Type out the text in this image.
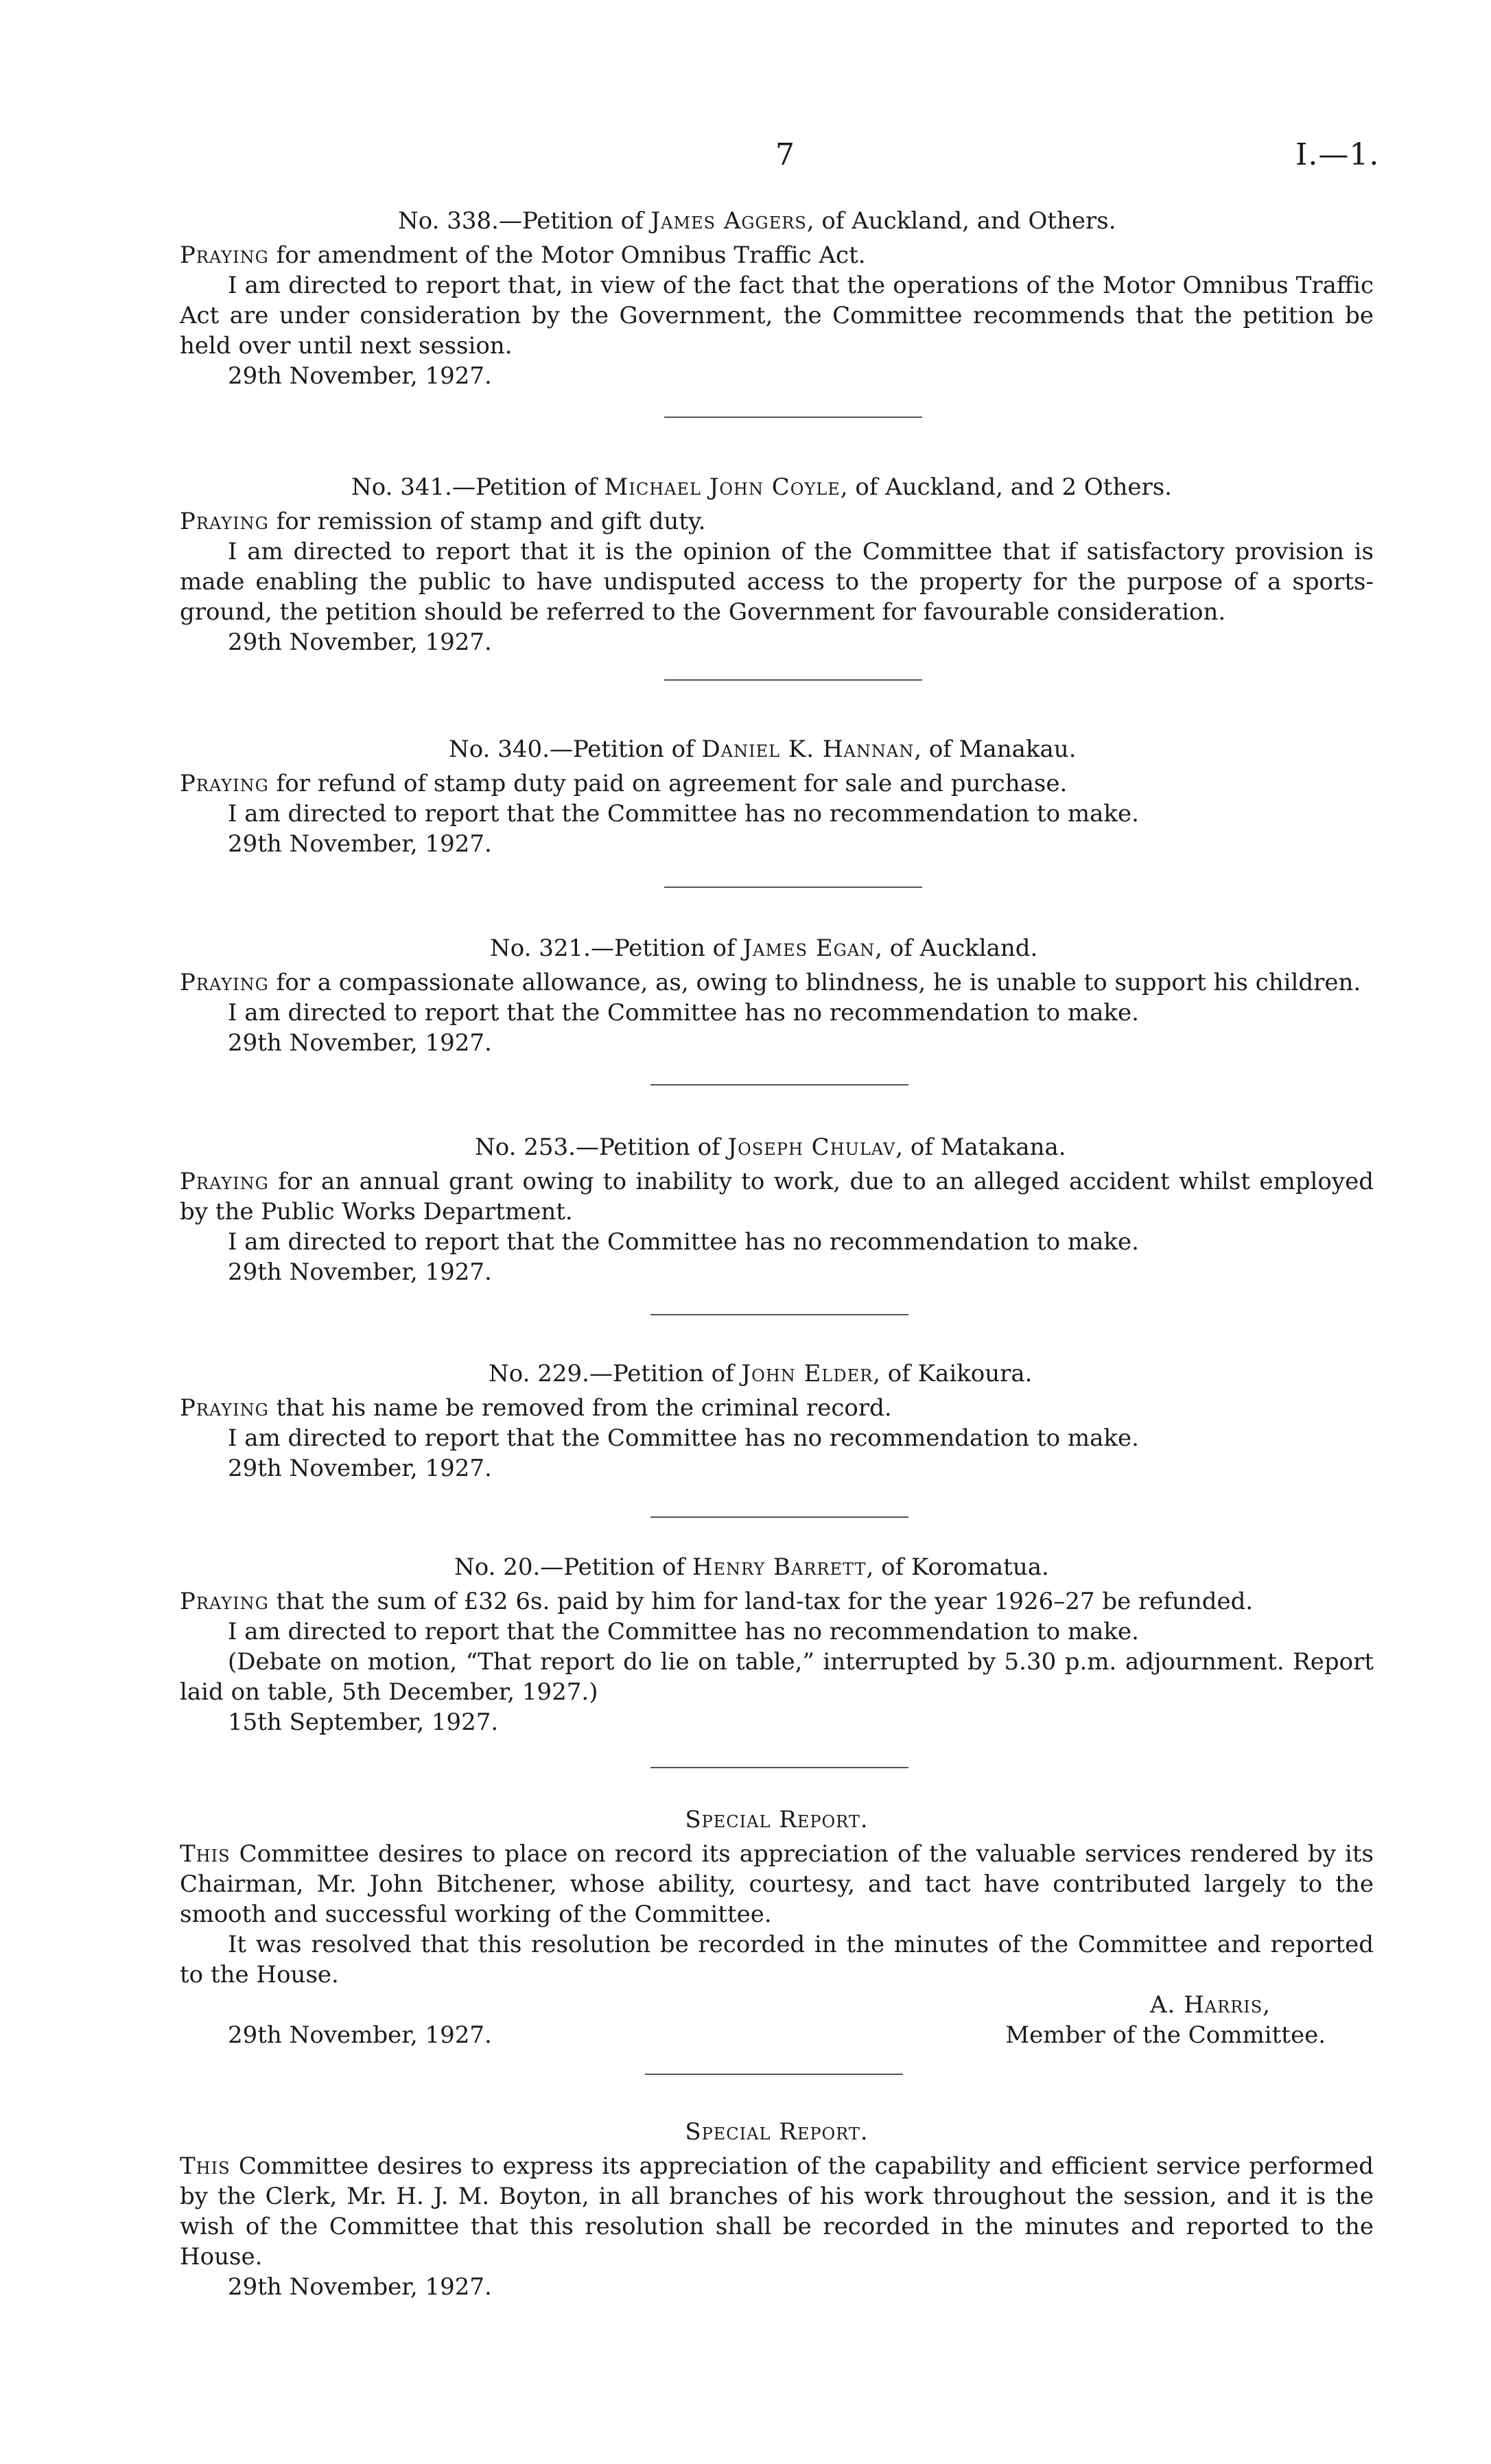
7	I.—1.
No. 338.—Petition of James Aggers, of Auckland, and Others.
Praying for amendment of the Motor Omnibus Traffic Act.
I am directed to report that, in view of the fact that the operations of the Motor Omnibus Traffic Act are under consideration by the Government, the Committee recommends that the petition be held over until next session.
29th November, 1927.
No. 341.—Petition of Michael John Coyle, of Auckland, and 2 Others.
Praying for remission of stamp and gift duty.
I am directed to report that it is the opinion of the Committee that if satisfactory provision is made enabling the public to have undisputed access to the property for the purpose of a sports-ground, the petition should be referred to the Government for favourable consideration.
29th November, 1927.
No. 340.—Petition of Daniel K. Hannan, of Manakau.
Praying for refund of stamp duty paid on agreement for sale and purchase.
I am directed to report that the Committee has no recommendation to make.
29th November, 1927.
No. 321.—Petition of James Egan, of Auckland.
Praying for a compassionate allowance, as, owing to blindness, he is unable to support his children.
I am directed to report that the Committee has no recommendation to make.
29th November, 1927.
No. 253.—Petition of Joseph Chulav, of Matakana.
Praying for an annual grant owing to inability to work, due to an alleged accident whilst employed by the Public Works Department.
I am directed to report that the Committee has no recommendation to make.
29th November, 1927.
No. 229.—Petition of John Elder, of Kaikoura.
Praying that his name be removed from the criminal record.
I am directed to report that the Committee has no recommendation to make.
29th November, 1927.
No. 20.—Petition of Henry Barrett, of Koromatua.
Praying that the sum of £32 6s. paid by him for land-tax for the year 1926–27 be refunded.
I am directed to report that the Committee has no recommendation to make.
(Debate on motion, “That report do lie on table,” interrupted by 5.30 p.m. adjournment. Report laid on table, 5th December, 1927.)
15th September, 1927.
Special Report.
This Committee desires to place on record its appreciation of the valuable services rendered by its Chairman, Mr. John Bitchener, whose ability, courtesy, and tact have contributed largely to the smooth and successful working of the Committee.
It was resolved that this resolution be recorded in the minutes of the Committee and reported to the House.
A. Harris,
29th November, 1927.	Member of the Committee.
Special Report.
This Committee desires to express its appreciation of the capability and efficient service performed by the Clerk, Mr. H. J. M. Boyton, in all branches of his work throughout the session, and it is the wish of the Committee that this resolution shall be recorded in the minutes and reported to the House.
29th November, 1927.
